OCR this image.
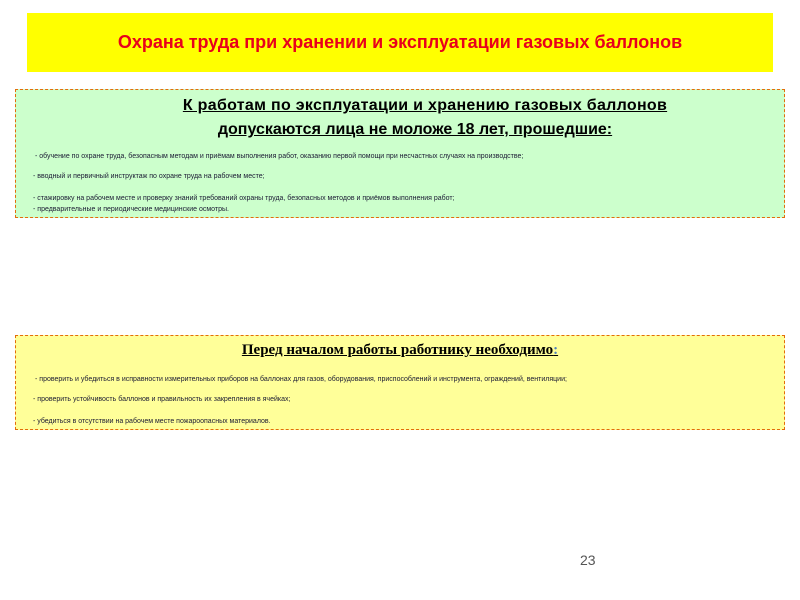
Охрана труда при хранении и эксплуатации газовых баллонов
К работам по эксплуатации и хранению газовых баллонов
допускаются лица не моложе 18 лет, прошедшие:
- обучение по охране труда, безопасным методам и приёмам выполнения работ, оказанию первой помощи при несчастных случаях на производстве;
- вводный и первичный инструктаж по охране труда на рабочем месте;
- стажировку на рабочем месте и проверку знаний требований охраны труда, безопасных методов и приёмов выполнения работ;
- предварительные и периодические медицинские осмотры.
Перед началом работы работнику необходимо:
- проверить и убедиться в исправности измерительных приборов на баллонах для газов, оборудования, приспособлений и инструмента, ограждений, вентиляции;
- проверить устойчивость баллонов и правильность их закрепления в ячейках;
- убедиться в отсутствии на рабочем месте пожароопасных материалов.
23
